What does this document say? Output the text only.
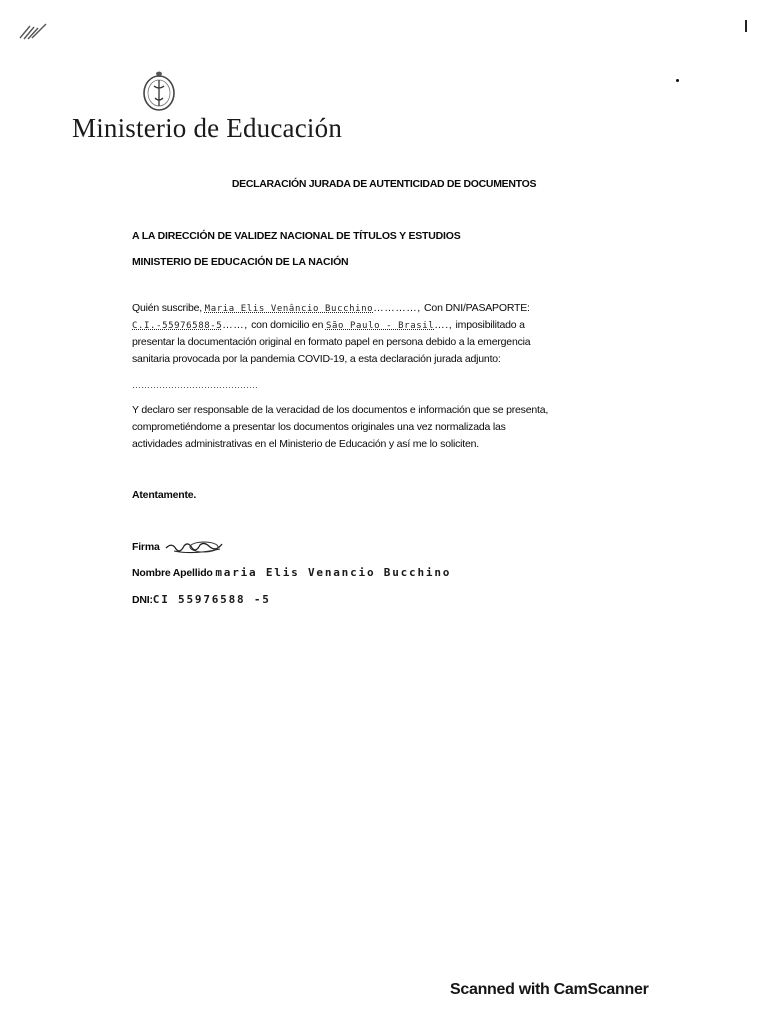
Ministerio de Educación
DECLARACIÓN JURADA DE AUTENTICIDAD DE DOCUMENTOS
A LA DIRECCIÓN DE VALIDEZ NACIONAL DE TÍTULOS Y ESTUDIOS
MINISTERIO DE EDUCACIÓN DE LA NACIÓN
Quién suscribe, Maria Elis Venâncio Bucchino…………, Con DNI/PASAPORTE:
C.I.-55976588-5……, con domicilio en São Paulo - Brasil…., imposibilitado a
presentar la documentación original en formato papel en persona debido a la emergencia
sanitaria provocada por la pandemia COVID-19, a esta declaración jurada adjunto:
……………………………………
Y declaro ser responsable de la veracidad de los documentos e información que se presenta,
comprometiéndome a presentar los documentos originales una vez normalizada las
actividades administrativas en el Ministerio de Educación y así me lo soliciten.
Atentamente.
Firma
Nombre Apellido maria Elis Venancio Bucchino
DNI:CI 55976588 -5
Scanned with CamScanner
